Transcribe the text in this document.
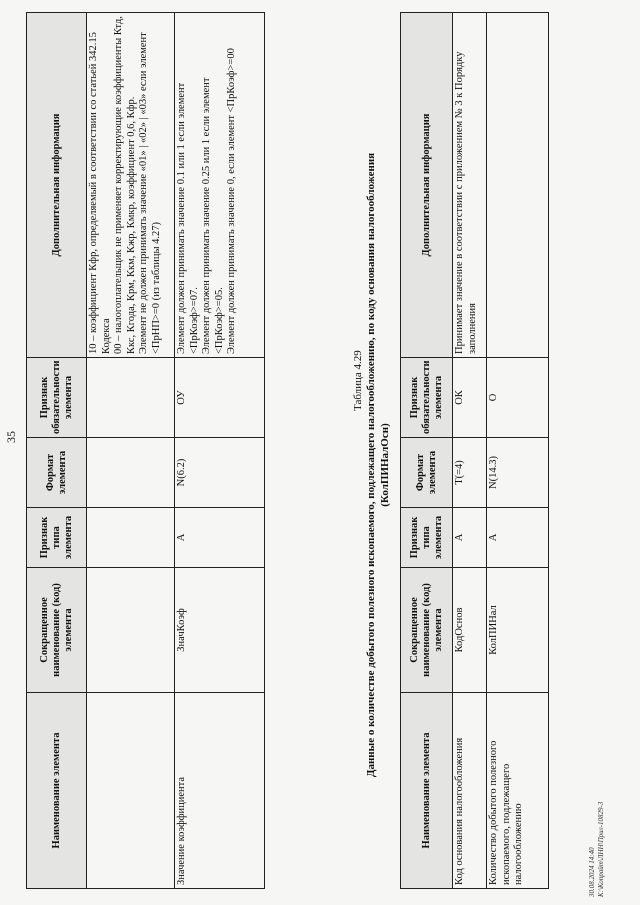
35
Наименование элемента	Сокращенное наименование (код) элемента	Признак типа элемента	Формат элемента	Признак обязательности элемента	Дополнительная информация

					10 – коэффициент Кфр, определяемый в соответствии со статьей 342.15 Кодекса 00 – налогоплательщик не применяет корректирующие коэффициенты Ктд, Ккс, Кгода, Крм, Ккм, Кжр, Кмкр, коэффициент 0,6, Кфр. Элемент не должен принимать значение «01» | «02» | «03» если элемент <ПрНП>=0 (из таблицы 4.27)

Значение коэффициента	ЗначКоэф	А	N(6.2)	ОУ	Элемент должен принимать значение 0.1 или 1 если элемент <ПрКоэф>=07. Элемент должен принимать значение 0.25 или 1 если элемент <ПрКоэф>=05. Элемент должен принимать значение 0, если элемент <ПрКоэф>=00
Таблица 4.29 Данные о количестве добытого полезного ископаемого, подлежащего налогообложению, по коду основания налогообложения (КолПИНалОсн)
Наименование элемента	Сокращенное наименование (код) элемента	Признак типа элемента	Формат элемента	Признак обязательности элемента	Дополнительная информация
Код основания налогообложения	КодОснов	А	T(=4)	ОК	Принимает значение в соответствии с приложением № 3 к Порядку заполнения
Количество добытого полезного ископаемого, подлежащего налогообложению	КолПИНал	А	N(14.3)	О	
30.08.2024 14:40 К:\Копрайт\ЛНН\Прил-10829-3
